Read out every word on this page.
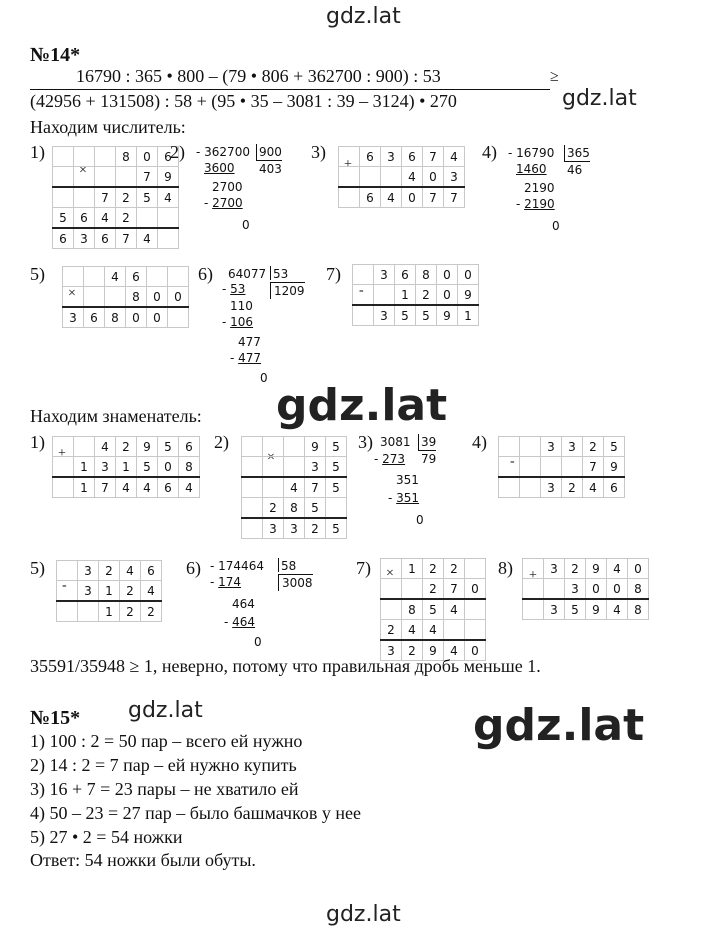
gdz.lat
gdz.lat
gdz.lat
gdz.lat	gdz.lat
gdz.lat
№14*
16790 : 365 • 800 – (79 • 806 + 362700 : 900) : 53
(42956 + 131508) : 58 + (95 • 35 – 3081 : 39 – 3124) • 270
≥
Находим числитель:
1)
×
			8	0	6
				7	9
		7	2	5	4
5	6	4	2		
6	3	6	7	4	
2) - 362700 900
403
3600
2700
- 2700
0
3)
+
	6	3	6	7	4
			4	0	3
	6	4	0	7	7
4) - 16790 365
46
1460
2190
- 2190
0
5)
×
		4	6		
			8	0	0
3	6	8	0	0	
6) 64077 53
1209
- 53
110
- 106
477
- 477
0
7)
-
	3	6	8	0	0
		1	2	0	9
	3	5	5	9	1
Находим знаменатель:
1)
+
			4	2	9	5	6
	1	3	1	5	0	8
	1	7	4	4	6	4
2)
×
			9	5
			3	5
		4	7	5
	2	8	5	
	3	3	2	5
3) 3081 39
79
- 273
351
- 351
0
4)
-
		3	3	2	5
				7	9
		3	2	4	6
5)
-
	3	2	4	6
	3	1	2	4
		1	2	2
6) - 174464 58
3008
- 174
464
- 464
0
7) ×
	1	2	2	
		2	7	0
	8	5	4	
2	4	4		
3	2	9	4	0
8) +
	3	2	9	4	0
		3	0	0	8
	3	5	9	4	8
35591/35948 ≥ 1, неверно, потому что правильная дробь меньше 1.
№15*
1) 100 : 2 = 50 пар – всего ей нужно
2) 14 : 2 = 7 пар – ей нужно купить
3) 16 + 7 = 23 пары – не хватило ей
4) 50 – 23 = 27 пар – было башмачков у нее
5) 27 • 2 = 54 ножки
Ответ: 54 ножки были обуты.
